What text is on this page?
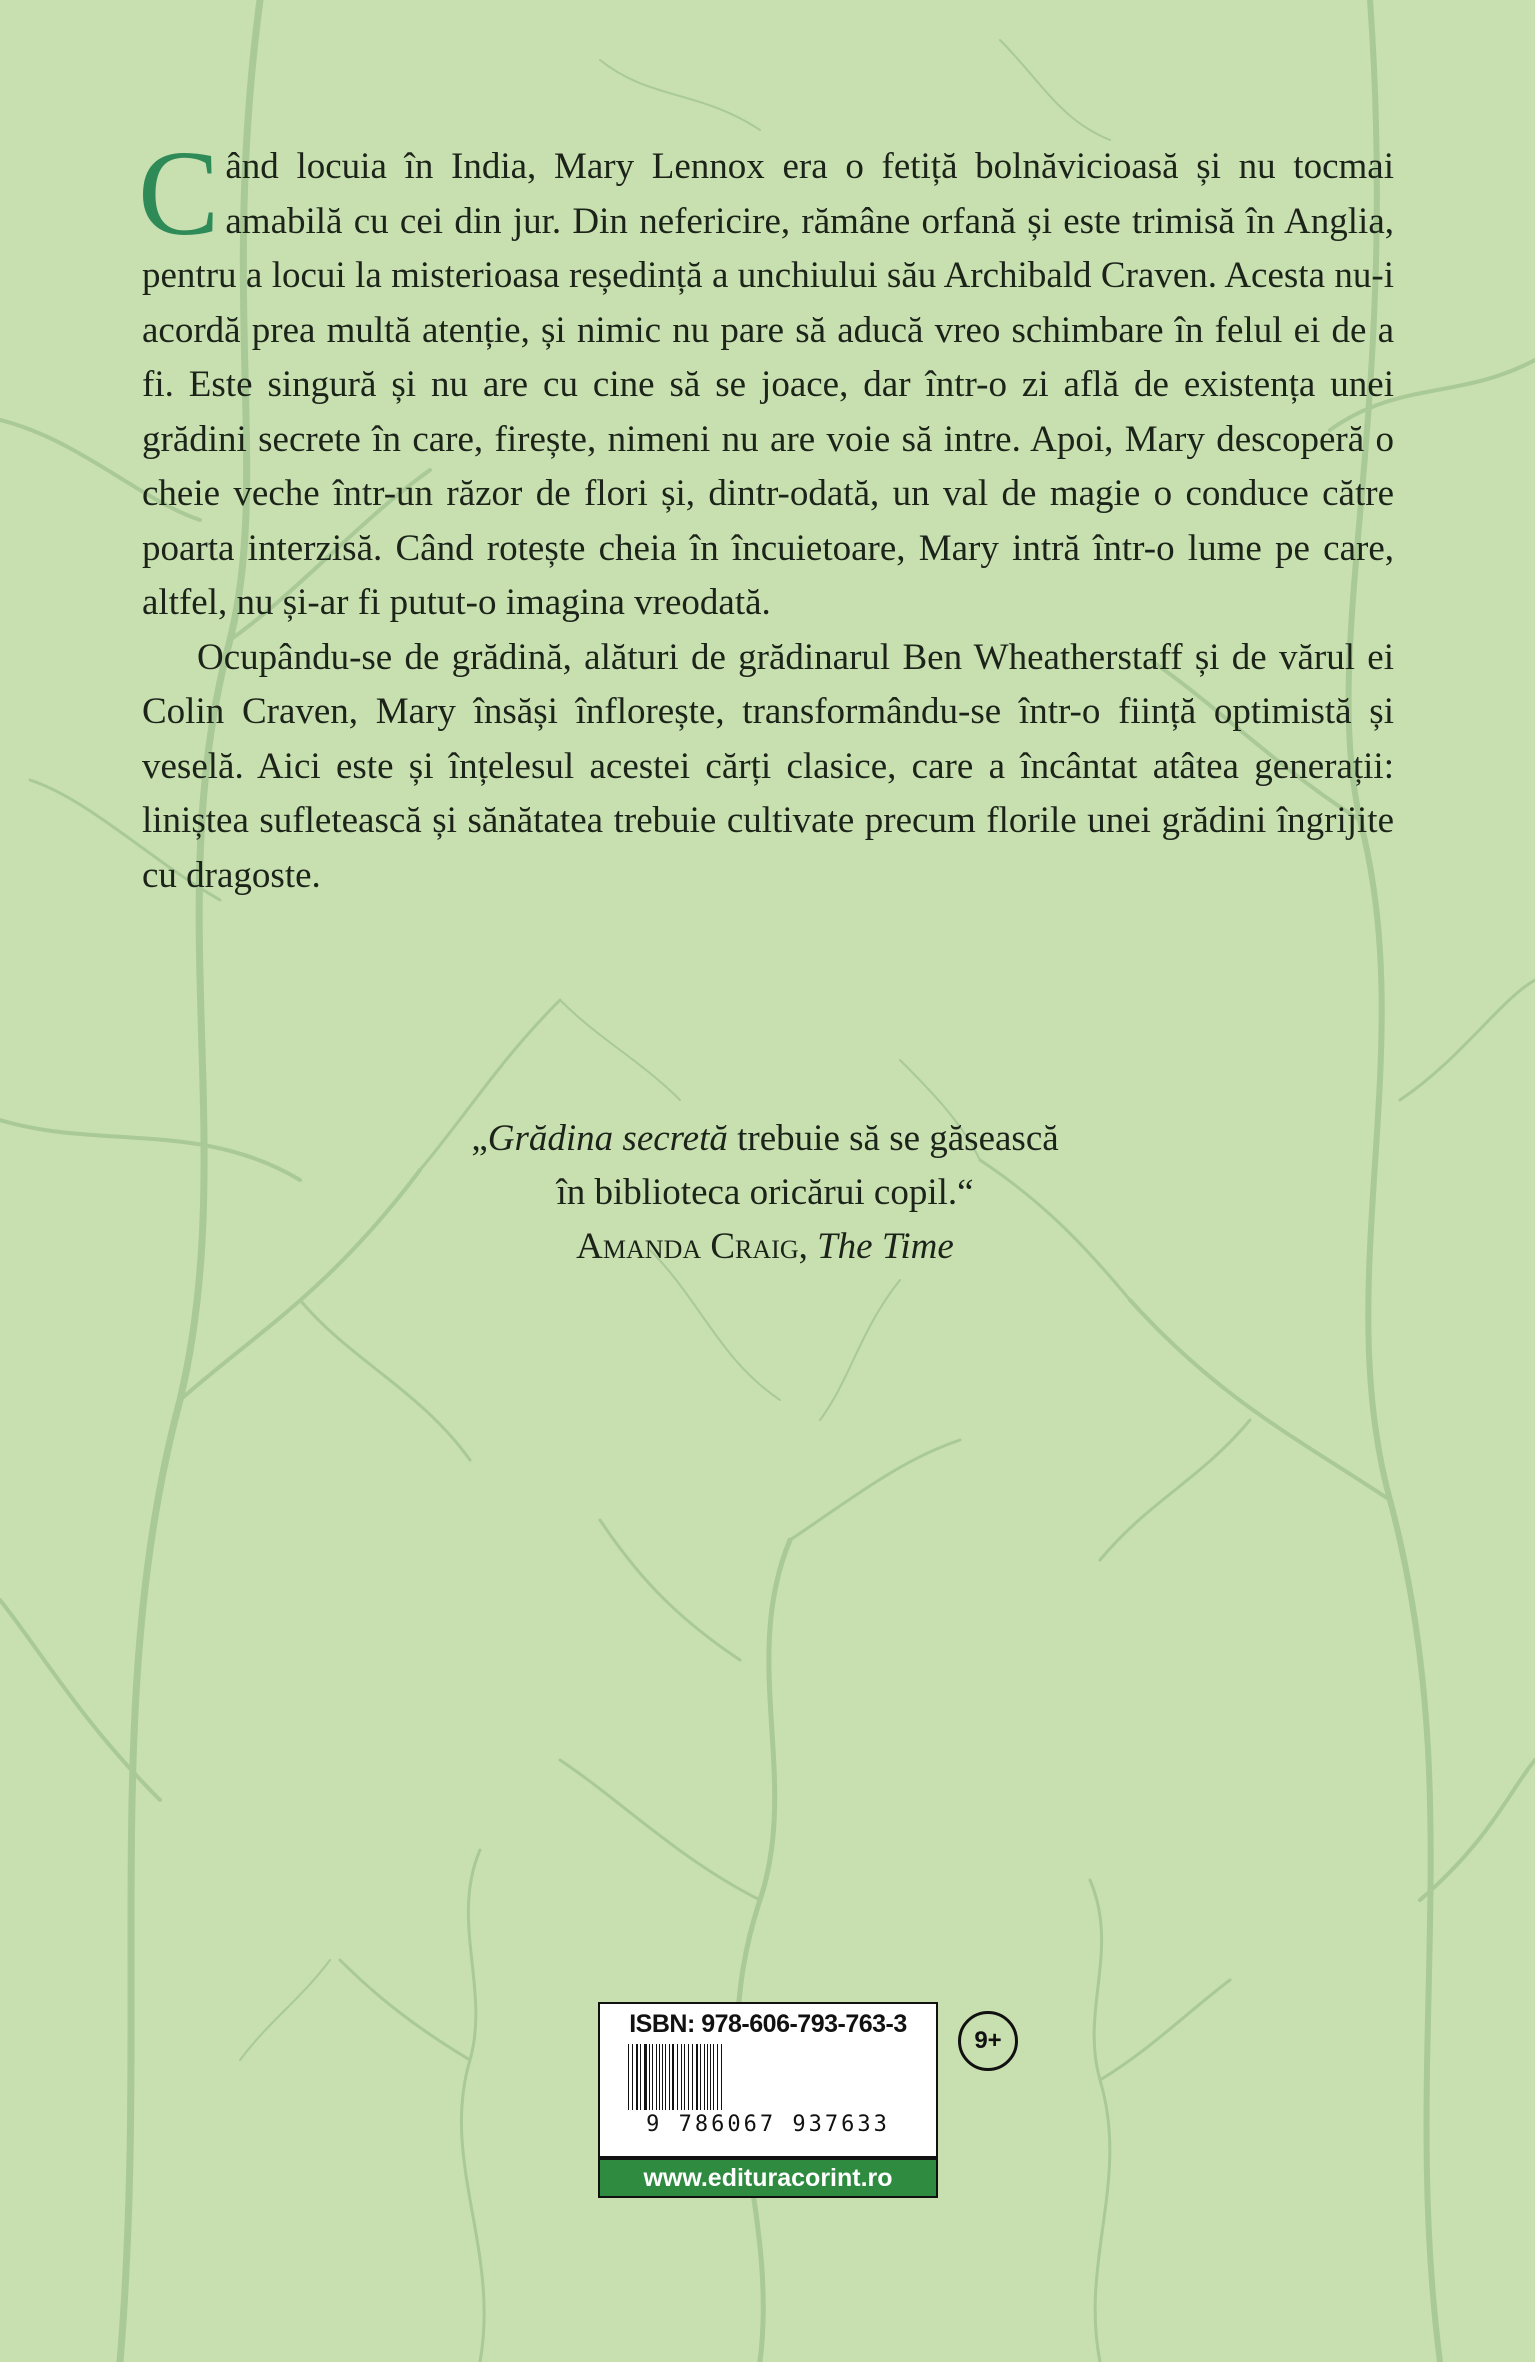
Când locuia în India, Mary Lennox era o fetiță bolnăvicioasă și nu tocmai amabilă cu cei din jur. Din nefericire, rămâne orfană și este trimisă în Anglia, pentru a locui la misterioasa reședință a unchiului său Archibald Craven. Acesta nu-i acordă prea multă atenție, și nimic nu pare să aducă vreo schimbare în felul ei de a fi. Este singură și nu are cu cine să se joace, dar într-o zi află de existența unei grădini secrete în care, firește, nimeni nu are voie să intre. Apoi, Mary descoperă o cheie veche într-un răzor de flori și, dintr-odată, un val de magie o conduce către poarta interzisă. Când rotește cheia în încuietoare, Mary intră într-o lume pe care, altfel, nu și-ar fi putut-o imagina vreodată.

Ocupându-se de grădină, alături de grădinarul Ben Wheatherstaff și de vărul ei Colin Craven, Mary însăși înflorește, transformându-se într-o ființă optimistă și veselă. Aici este și înțelesul acestei cărți clasice, care a încântat atâtea generații: liniștea sufletească și sănătatea trebuie cultivate precum florile unei grădini îngrijite cu dragoste.

„Grădina secretă trebuie să se găsească
în biblioteca oricărui copil.“
Amanda Craig, The Time
ISBN: 978-606-793-763-3
9 786067 937633
www.edituracorint.ro
9+
